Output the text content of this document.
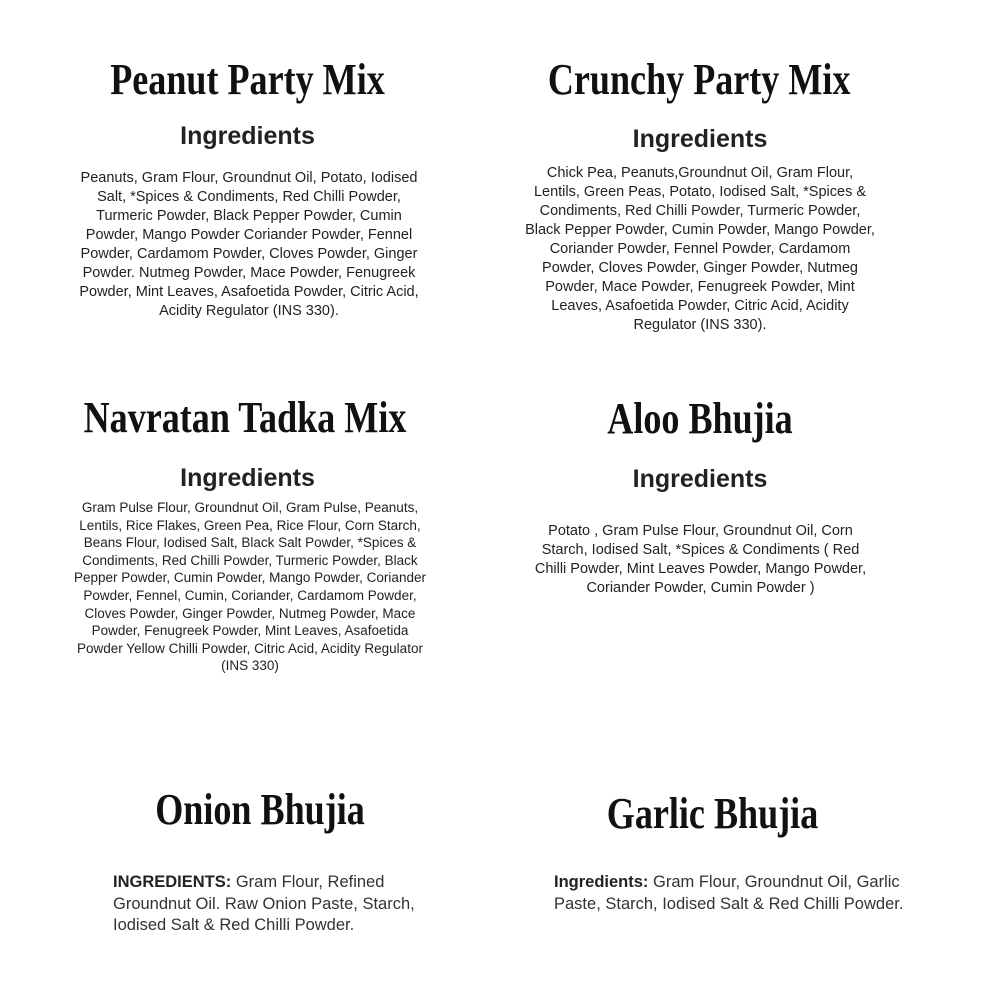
Peanut Party Mix
Ingredients

Peanuts, Gram Flour, Groundnut Oil, Potato, Iodised Salt, *Spices & Condiments, Red Chilli Powder, Turmeric Powder, Black Pepper Powder, Cumin Powder, Mango Powder Coriander Powder, Fennel Powder, Cardamom Powder, Cloves Powder, Ginger Powder. Nutmeg Powder, Mace Powder, Fenugreek Powder, Mint Leaves, Asafoetida Powder, Citric Acid, Acidity Regulator (INS 330).

Crunchy Party Mix
Ingredients

Chick Pea, Peanuts,Groundnut Oil, Gram Flour, Lentils, Green Peas, Potato, Iodised Salt, *Spices & Condiments, Red Chilli Powder, Turmeric Powder, Black Pepper Powder, Cumin Powder, Mango Powder, Coriander Powder, Fennel Powder, Cardamom Powder, Cloves Powder, Ginger Powder, Nutmeg Powder, Mace Powder, Fenugreek Powder, Mint Leaves, Asafoetida Powder, Citric Acid, Acidity Regulator (INS 330).

Navratan Tadka Mix
Ingredients

Gram Pulse Flour, Groundnut Oil, Gram Pulse, Peanuts, Lentils, Rice Flakes, Green Pea, Rice Flour, Corn Starch, Beans Flour, Iodised Salt, Black Salt Powder, *Spices & Condiments, Red Chilli Powder, Turmeric Powder, Black Pepper Powder, Cumin Powder, Mango Powder, Coriander Powder, Fennel, Cumin, Coriander, Cardamom Powder, Cloves Powder, Ginger Powder, Nutmeg Powder, Mace Powder, Fenugreek Powder, Mint Leaves, Asafoetida Powder Yellow Chilli Powder, Citric Acid, Acidity Regulator (INS 330)

Aloo Bhujia
Ingredients

Potato , Gram Pulse Flour, Groundnut Oil, Corn Starch, Iodised Salt, *Spices & Condiments ( Red Chilli Powder, Mint Leaves Powder, Mango Powder, Coriander Powder, Cumin Powder )

Onion Bhujia

INGREDIENTS: Gram Flour, Refined Groundnut Oil. Raw Onion Paste, Starch, Iodised Salt & Red Chilli Powder.

Garlic Bhujia

Ingredients: Gram Flour, Groundnut Oil, Garlic Paste, Starch, Iodised Salt & Red Chilli Powder.
